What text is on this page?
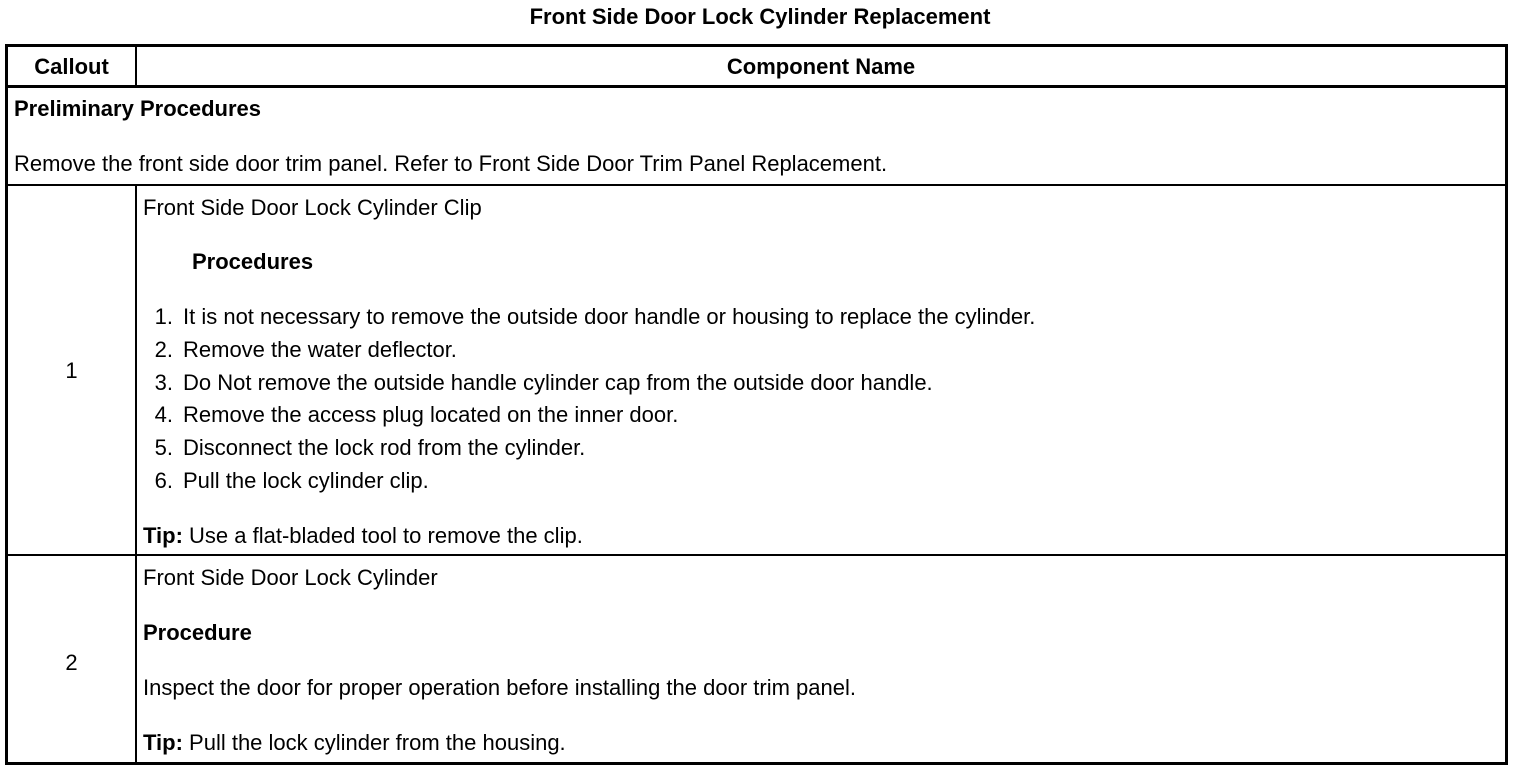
Front Side Door Lock Cylinder Replacement
Callout	Component Name
Preliminary Procedures
Remove the front side door trim panel. Refer to Front Side Door Trim Panel Replacement.
1
Front Side Door Lock Cylinder Clip
Procedures
1. It is not necessary to remove the outside door handle or housing to replace the cylinder.
2. Remove the water deflector.
3. Do Not remove the outside handle cylinder cap from the outside door handle.
4. Remove the access plug located on the inner door.
5. Disconnect the lock rod from the cylinder.
6. Pull the lock cylinder clip.
Tip: Use a flat-bladed tool to remove the clip.
2
Front Side Door Lock Cylinder
Procedure
Inspect the door for proper operation before installing the door trim panel.
Tip: Pull the lock cylinder from the housing.
